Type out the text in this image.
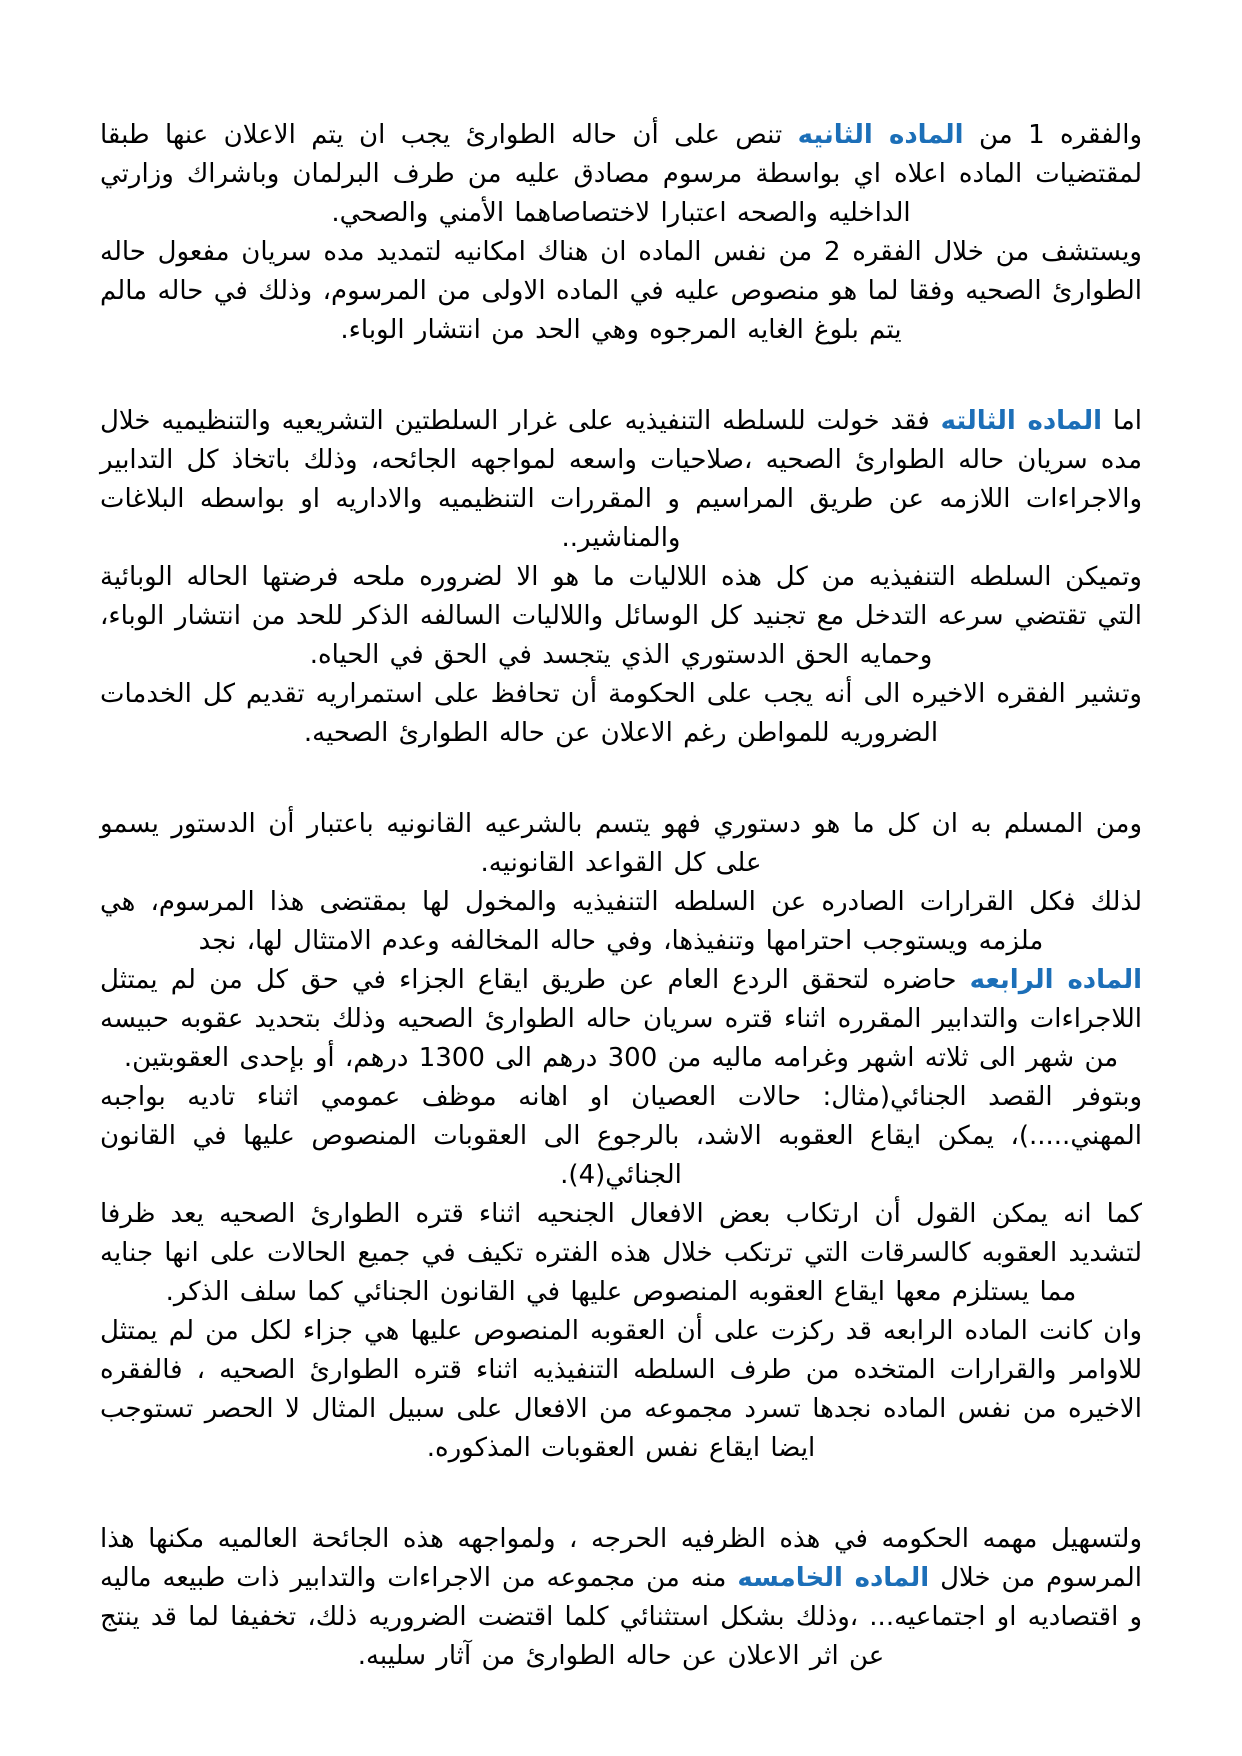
والفقره 1 من الماده الثانيه تنص على أن حاله الطوارئ يجب ان يتم الاعلان عنها طبقا لمقتضيات الماده اعلاه اي بواسطة مرسوم مصادق عليه من طرف البرلمان وباشراك وزارتي الداخليه والصحه اعتبارا لاختصاصاهما الأمني والصحي.

ويستشف من خلال الفقره 2 من نفس الماده ان هناك امكانيه لتمديد مده سريان مفعول حاله الطوارئ الصحيه وفقا لما هو منصوص عليه في الماده الاولى من المرسوم، وذلك في حاله مالم يتم بلوغ الغايه المرجوه وهي الحد من انتشار الوباء.

اما الماده الثالته فقد خولت للسلطه التنفيذيه على غرار السلطتين التشريعيه والتنظيميه خلال مده سريان حاله الطوارئ الصحيه ،صلاحيات واسعه لمواجهه الجائحه، وذلك باتخاذ كل التدابير والاجراءات اللازمه عن طريق المراسيم و المقررات التنظيميه والاداريه او بواسطه البلاغات والمناشير..

وتميكن السلطه التنفيذيه من كل هذه اللاليات ما هو الا لضروره ملحه فرضتها الحاله الوبائية التي تقتضي سرعه التدخل مع تجنيد كل الوسائل واللاليات السالفه الذكر للحد من انتشار الوباء، وحمايه الحق الدستوري الذي يتجسد في الحق في الحياه.

وتشير الفقره الاخيره الى أنه يجب على الحكومة أن تحافظ على استمراريه تقديم كل الخدمات الضروريه للمواطن رغم الاعلان عن حاله الطوارئ الصحيه.

ومن المسلم به ان كل ما هو دستوري فهو يتسم بالشرعيه القانونيه باعتبار أن الدستور يسمو على كل القواعد القانونيه.

لذلك فكل القرارات الصادره عن السلطه التنفيذيه والمخول لها بمقتضى هذا المرسوم، هي ملزمه ويستوجب احترامها وتنفيذها، وفي حاله المخالفه وعدم الامتثال لها، نجد

الماده الرابعه حاضره لتحقق الردع العام عن طريق ايقاع الجزاء في حق كل من لم يمتثل اللاجراءات والتدابير المقرره اثناء قتره سريان حاله الطوارئ الصحيه وذلك بتحديد عقوبه حبيسه من شهر الى ثلاته اشهر وغرامه ماليه من 300 درهم الى 1300 درهم، أو بإحدى العقوبتين.

وبتوفر القصد الجنائي(مثال: حالات العصيان او اهانه موظف عمومي اثناء تاديه بواجبه المهني.....)، يمكن ايقاع العقوبه الاشد، بالرجوع الى العقوبات المنصوص عليها في القانون الجنائي(4).

كما انه يمكن القول أن ارتكاب بعض الافعال الجنحيه اثناء قتره الطوارئ الصحيه يعد ظرفا لتشديد العقوبه كالسرقات التي ترتكب خلال هذه الفتره تكيف في جميع الحالات على انها جنايه مما يستلزم معها ايقاع العقوبه المنصوص عليها في القانون الجنائي كما سلف الذكر.

وان كانت الماده الرابعه قد ركزت على أن العقوبه المنصوص عليها هي جزاء لكل من لم يمتثل للاوامر والقرارات المتخده من طرف السلطه التنفيذيه اثناء قتره الطوارئ الصحيه ، فالفقره الاخيره من نفس الماده نجدها تسرد مجموعه من الافعال على سبيل المثال لا الحصر تستوجب ايضا ايقاع نفس العقوبات المذكوره.

ولتسهيل مهمه الحكومه في هذه الظرفيه الحرجه ، ولمواجهه هذه الجائحة العالميه مكنها هذا المرسوم من خلال الماده الخامسه منه من مجموعه من الاجراءات والتدابير ذات طبيعه ماليه و اقتصاديه او اجتماعيه... ،وذلك بشكل استثنائي كلما اقتضت الضروريه ذلك، تخفيفا لما قد ينتج عن اثر الاعلان عن حاله الطوارئ من آثار سليبه.
